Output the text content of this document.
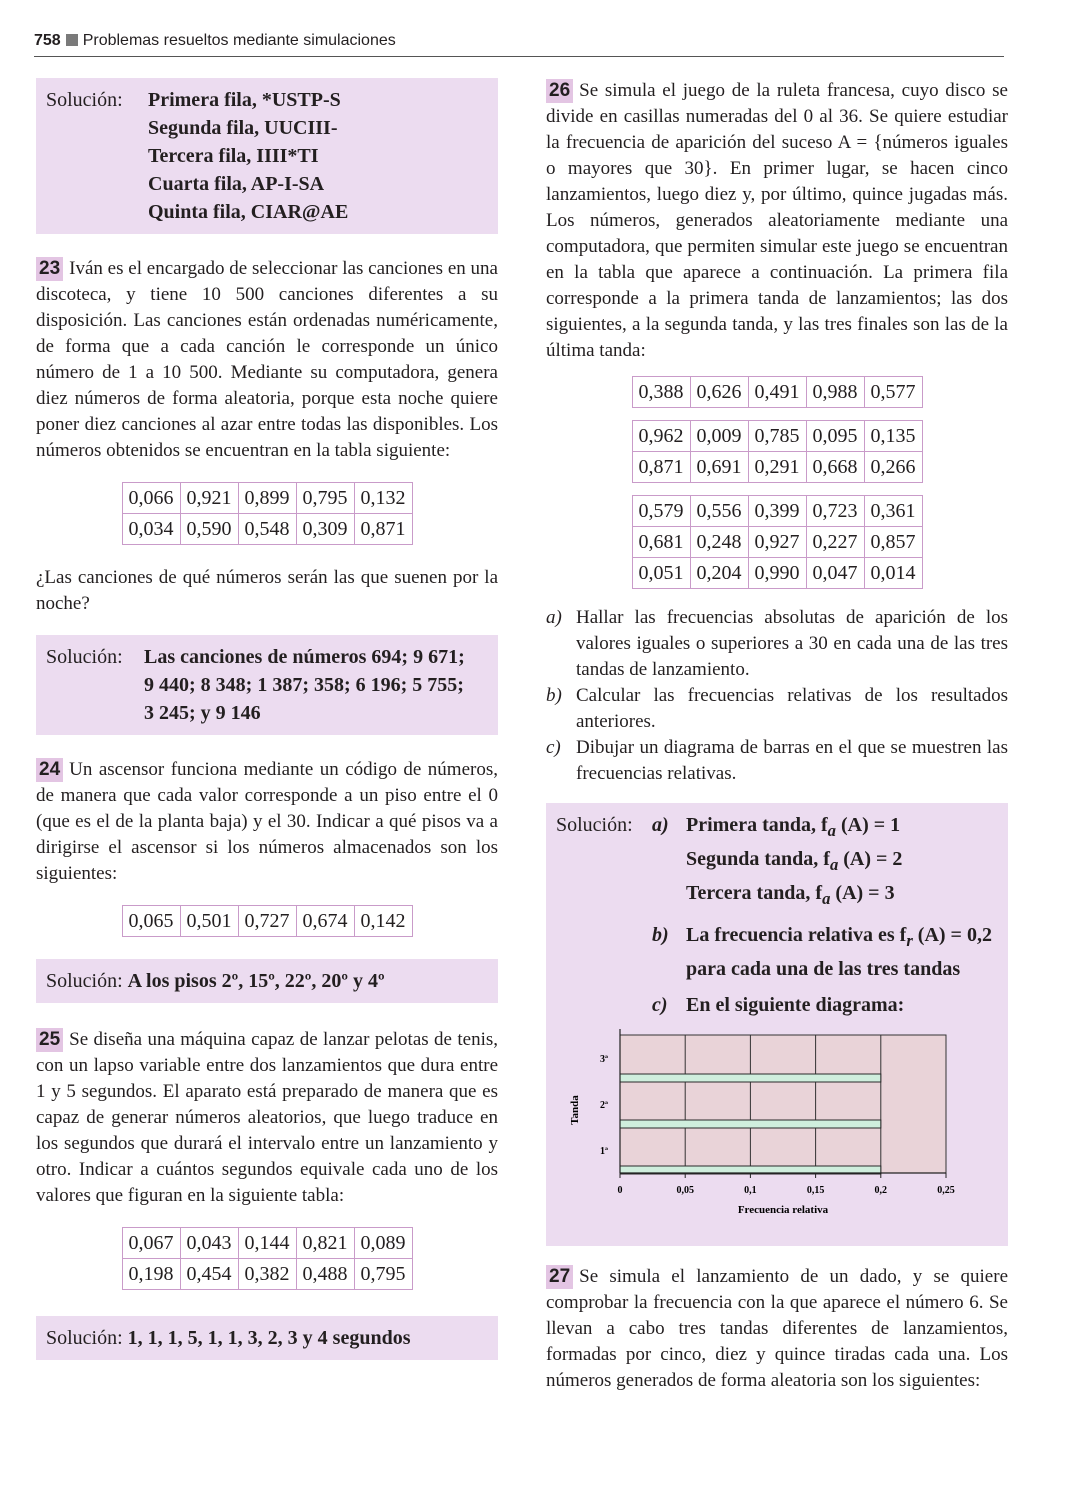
758 Problemas resueltos mediante simulaciones
Solución:	Primera fila, *USTP-S
Segunda fila, UUCIII-
Tercera fila, IIII*TI
Cuarta fila, AP-I-SA
Quinta fila, CIAR@AE

23 Iván es el encargado de seleccionar las canciones en una discoteca, y tiene 10 500 canciones diferentes a su disposición. Las canciones están ordenadas numéricamente, de forma que a cada canción le corresponde un único número de 1 a 10 500. Mediante su computadora, genera diez números de forma aleatoria, porque esta noche quiere poner diez canciones al azar entre todas las disponibles. Los números obtenidos se encuentran en la tabla siguiente:

0,066	0,921	0,899	0,795	0,132
0,034	0,590	0,548	0,309	0,871

¿Las canciones de qué números serán las que suenen por la noche?

Solución:	Las canciones de números 694; 9 671;
9 440; 8 348; 1 387; 358; 6 196; 5 755;
3 245; y 9 146

24 Un ascensor funciona mediante un código de números, de manera que cada valor corresponde a un piso entre el 0 (que es el de la planta baja) y el 30. Indicar a qué pisos va a dirigirse el ascensor si los números almacenados son los siguientes:

0,065	0,501	0,727	0,674	0,142
Solución: A los pisos 2º, 15º, 22º, 20º y 4º

25 Se diseña una máquina capaz de lanzar pelotas de tenis, con un lapso variable entre dos lanzamientos que dura entre 1 y 5 segundos. El aparato está preparado de manera que es capaz de generar números aleatorios, que luego traduce en los segundos que durará el intervalo entre un lanzamiento y otro. Indicar a cuántos segundos equivale cada uno de los valores que figuran en la siguiente tabla:

0,067	0,043	0,144	0,821	0,089
0,198	0,454	0,382	0,488	0,795
Solución: 1, 1, 1, 5, 1, 1, 3, 2, 3 y 4 segundos

26 Se simula el juego de la ruleta francesa, cuyo disco se divide en casillas numeradas del 0 al 36. Se quiere estudiar la frecuencia de aparición del suceso A = {números iguales o mayores que 30}. En primer lugar, se hacen cinco lanzamientos, luego diez y, por último, quince jugadas más. Los números, generados aleatoriamente mediante una computadora, que permiten simular este juego se encuentran en la tabla que aparece a continuación. La primera fila corresponde a la primera tanda de lanzamientos; las dos siguientes, a la segunda tanda, y las tres finales son las de la última tanda:

0,388	0,626	0,491	0,988	0,577
0,962	0,009	0,785	0,095	0,135
0,871	0,691	0,291	0,668	0,266
0,579	0,556	0,399	0,723	0,361
0,681	0,248	0,927	0,227	0,857
0,051	0,204	0,990	0,047	0,014
a) Hallar las frecuencias absolutas de aparición de los valores iguales o superiores a 30 en cada una de las tres tandas de lanzamiento.
b) Calcular las frecuencias relativas de los resultados anteriores.
c) Dibujar un diagrama de barras en el que se muestren las frecuencias relativas.
Solución: a) Primera tanda, $f_a$ (A) = 1
Segunda tanda, $f_a$ (A) = 2
Tercera tanda, $f_a$ (A) = 3
b) La frecuencia relativa es $f_r$ (A) = 0,2
para cada una de las tres tandas
c) En el siguiente diagrama:
1ª
2ª
3ª
0	0,05	0,1	0,15	0,2	0,25
Frecuencia relativa
Tanda

27 Se simula el lanzamiento de un dado, y se quiere comprobar la frecuencia con la que aparece el número 6. Se llevan a cabo tres tandas diferentes de lanzamientos, formadas por cinco, diez y quince tiradas cada una. Los números generados de forma aleatoria son los siguientes:
